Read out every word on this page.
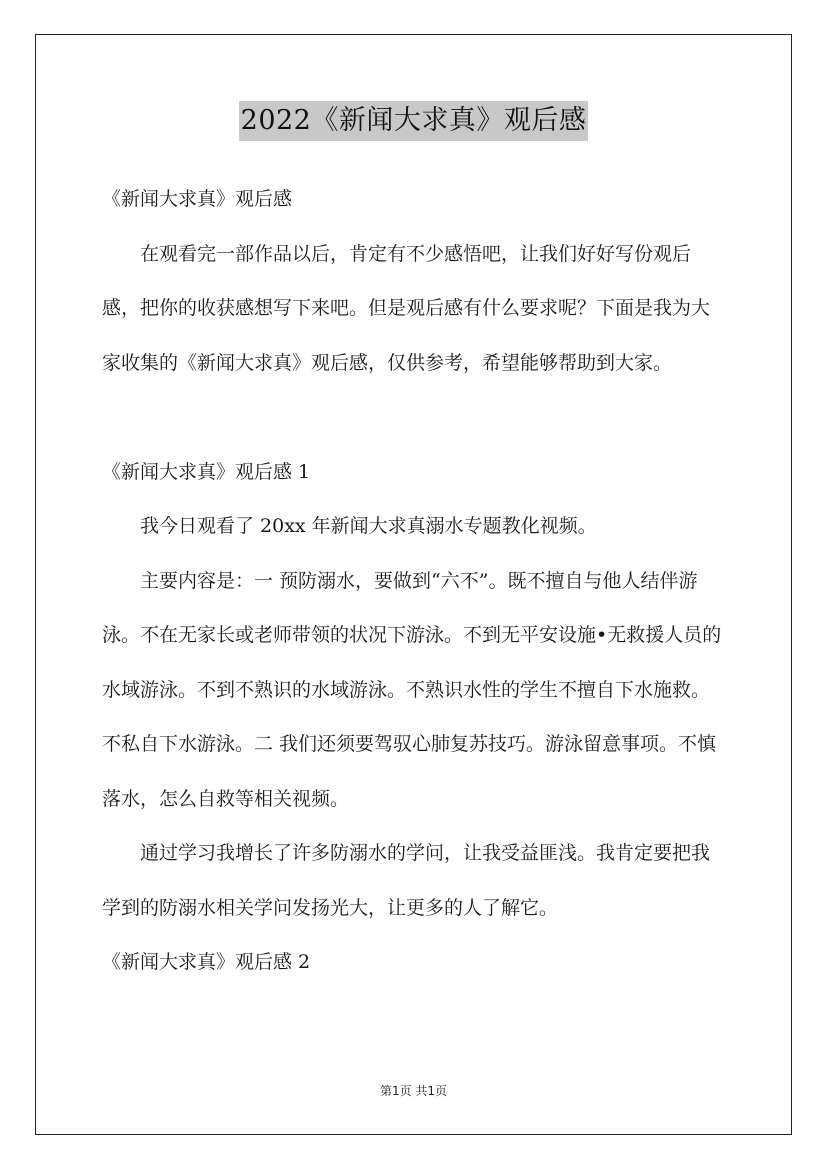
2022《新闻大求真》观后感

《新闻大求真》观后感

在观看完一部作品以后，肯定有不少感悟吧，让我们好好写份观后感，把你的收获感想写下来吧。但是观后感有什么要求呢？下面是我为大家收集的《新闻大求真》观后感，仅供参考，希望能够帮助到大家。

《新闻大求真》观后感 1

我今日观看了 20xx 年新闻大求真溺水专题教化视频。

主要内容是：一 预防溺水，要做到“六不”。既不擅自与他人结伴游泳。不在无家长或老师带领的状况下游泳。不到无平安设施•无救援人员的水域游泳。不到不熟识的水域游泳。不熟识水性的学生不擅自下水施救。不私自下水游泳。二 我们还须要驾驭心肺复苏技巧。游泳留意事项。不慎落水，怎么自救等相关视频。

通过学习我增长了许多防溺水的学问，让我受益匪浅。我肯定要把我学到的防溺水相关学问发扬光大，让更多的人了解它。

《新闻大求真》观后感 2

第1页 共1页
